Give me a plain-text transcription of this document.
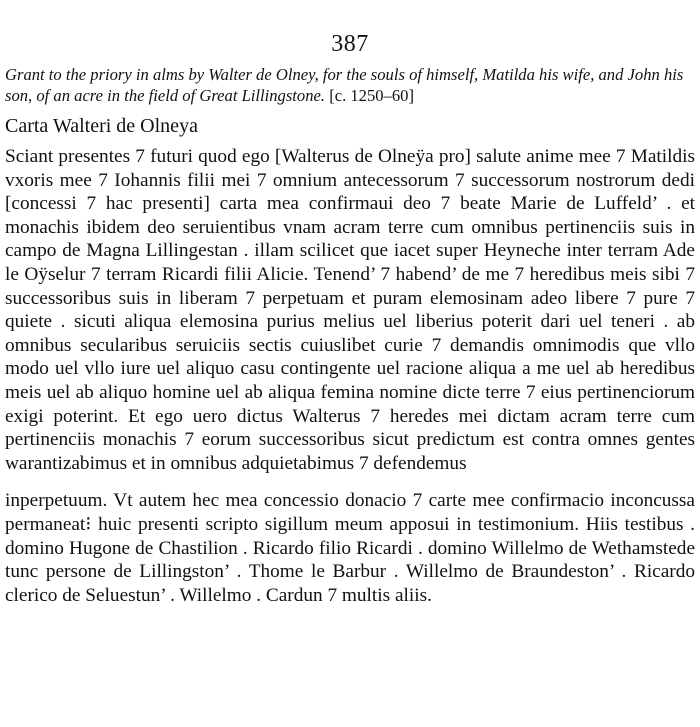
387
Grant to the priory in alms by Walter de Olney, for the souls of himself, Matilda his wife, and John his son, of an acre in the field of Great Lillingstone. [c. 1250–60]
Carta Walteri de Olneya

Sciant presentes 7 futuri quod ego [Walterus de Olneÿa pro] salute anime mee 7 Matildis vxoris mee 7 Iohannis filii mei 7 omnium antecessorum 7 successorum nostrorum dedi [concessi 7 hac presenti] carta mea confirmaui deo 7 beate Marie de Luffeld’ . et monachis ibidem deo seruientibus vnam acram terre cum omnibus pertinenciis suis in campo de Magna Lillingestan . illam scilicet que iacet super Heyneche inter terram Ade le Oÿselur 7 terram Ricardi filii Alicie. Tenend’ 7 habend’ de me 7 heredibus meis sibi 7 successoribus suis in liberam 7 perpetuam et puram elemosinam adeo libere 7 pure 7 quiete . sicuti aliqua elemosina purius melius uel liberius poterit dari uel teneri . ab omnibus secularibus seruiciis sectis cuiuslibet curie 7 demandis omnimodis que vllo modo uel vllo iure uel aliquo casu contingente uel racione aliqua a me uel ab heredibus meis uel ab aliquo homine uel ab aliqua femina nomine dicte terre 7 eius pertinenciorum exigi poterint. Et ego uero dictus Walterus 7 heredes mei dictam acram terre cum pertinenciis monachis 7 eorum successoribus sicut predictum est contra omnes gentes warantizabimus et in omnibus adquietabimus 7 defendemus

inperpetuum. Vt autem hec mea concessio donacio 7 carte mee confirmacio inconcussa permaneat⁝ huic presenti scripto sigillum meum apposui in testimonium. Hiis testibus . domino Hugone de Chastilion . Ricardo filio Ricardi . domino Willelmo de Wethamstede tunc persone de Lillingston’ . Thome le Barbur . Willelmo de Braundeston’ . Ricardo clerico de Seluestun’ . Willelmo . Cardun 7 multis aliis.
